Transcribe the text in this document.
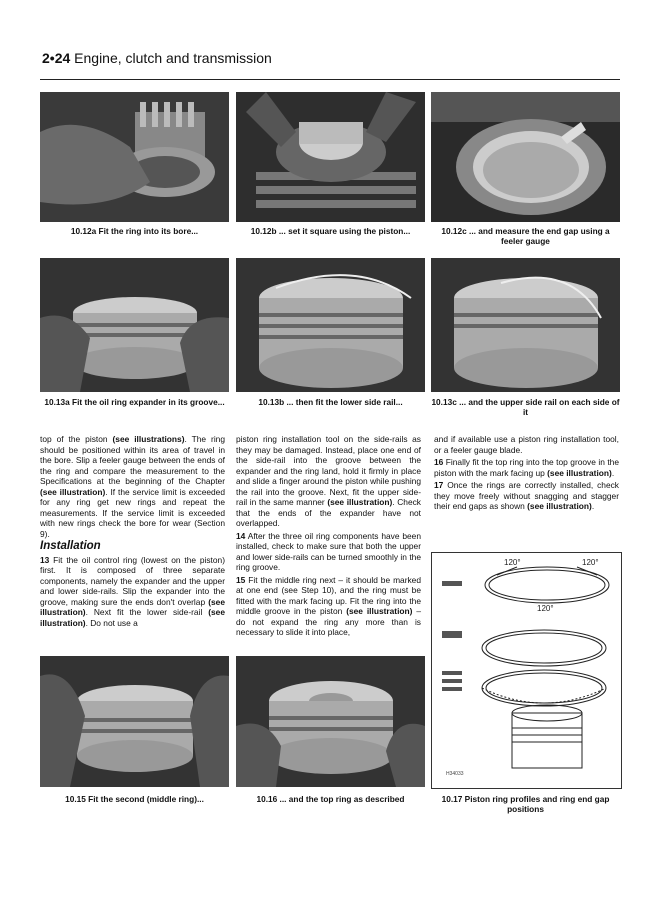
2•24 Engine, clutch and transmission
10.12a Fit the ring into its bore...	10.12b ... set it square using the piston...	10.12c ... and measure the end gap using a feeler gauge
10.13a Fit the oil ring expander in its groove...	10.13b ... then fit the lower side rail...	10.13c ... and the upper side rail on each side of it

top of the piston (see illustrations). The ring should be positioned within its area of travel in the bore. Slip a feeler gauge between the ends of the ring and compare the measurement to the Specifications at the beginning of the Chapter (see illustration). If the service limit is exceeded for any ring get new rings and repeat the measurements. If the service limit is exceeded with new rings check the bore for wear (Section 9).

Installation

13 Fit the oil control ring (lowest on the piston) first. It is composed of three separate components, namely the expander and the upper and lower side-rails. Slip the expander into the groove, making sure the ends don't overlap (see illustration). Next fit the lower side-rail (see illustration). Do not use a

piston ring installation tool on the side-rails as they may be damaged. Instead, place one end of the side-rail into the groove between the expander and the ring land, hold it firmly in place and slide a finger around the piston while pushing the rail into the groove. Next, fit the upper side-rail in the same manner (see illustration). Check that the ends of the expander have not overlapped.

14 After the three oil ring components have been installed, check to make sure that both the upper and lower side-rails can be turned smoothly in the ring groove.

15 Fit the middle ring next – it should be marked at one end (see Step 10), and the ring must be fitted with the mark facing up. Fit the ring into the middle groove in the piston (see illustration) – do not expand the ring any more than is necessary to slide it into place,

and if available use a piston ring installation tool, or a feeler gauge blade.

16 Finally fit the top ring into the top groove in the piston with the mark facing up (see illustration).

17 Once the rings are correctly installed, check they move freely without snagging and stagger their end gaps as shown (see illustration).

120°	120°
120°
H34033
10.15 Fit the second (middle ring)...	10.16 ... and the top ring as described	10.17 Piston ring profiles and ring end gap positions
